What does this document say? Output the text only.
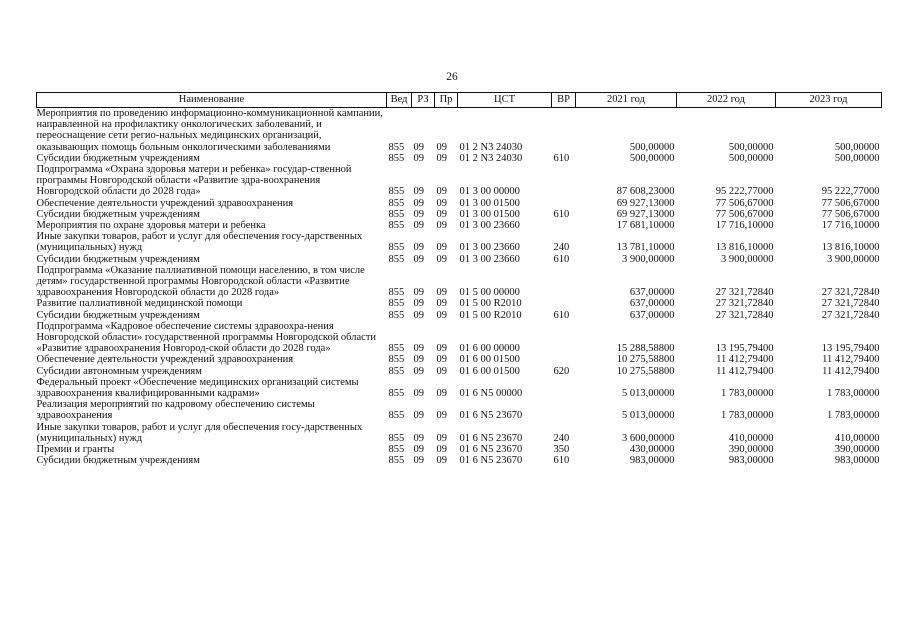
26
Наименование	Вед	РЗ	Пр	ЦСТ	ВР	2021 год	2022 год	2023 год
Мероприятия по проведению информационно-коммуникационной кампании, направленной на профилактику онкологических заболеваний, и переоснащение сети регио-нальных медицинских организаций, оказывающих помощь больным онкологическими заболеваниями	855	09	09	01 2 N3 24030		500,00000	500,00000	500,00000
Субсидии бюджетным учреждениям	855	09	09	01 2 N3 24030	610	500,00000	500,00000	500,00000
Подпрограмма «Охрана здоровья матери и ребенка» государ-ственной программы Новгородской области «Развитие здра-воохранения Новгородской области до 2028 года»	855	09	09	01 3 00 00000		87 608,23000	95 222,77000	95 222,77000
Обеспечение деятельности учреждений здравоохранения	855	09	09	01 3 00 01500		69 927,13000	77 506,67000	77 506,67000
Субсидии бюджетным учреждениям	855	09	09	01 3 00 01500	610	69 927,13000	77 506,67000	77 506,67000
Мероприятия по охране здоровья матери и ребенка	855	09	09	01 3 00 23660		17 681,10000	17 716,10000	17 716,10000
Иные закупки товаров, работ и услуг для обеспечения госу-дарственных (муниципальных) нужд	855	09	09	01 3 00 23660	240	13 781,10000	13 816,10000	13 816,10000
Субсидии бюджетным учреждениям	855	09	09	01 3 00 23660	610	3 900,00000	3 900,00000	3 900,00000
Подпрограмма «Оказание паллиативной помощи населению, в том числе детям» государственной программы Новгородской области «Развитие здравоохранения Новгородской области до 2028 года»	855	09	09	01 5 00 00000		637,00000	27 321,72840	27 321,72840
Развитие паллиативной медицинской помощи	855	09	09	01 5 00 R2010		637,00000	27 321,72840	27 321,72840
Субсидии бюджетным учреждениям	855	09	09	01 5 00 R2010	610	637,00000	27 321,72840	27 321,72840
Подпрограмма «Кадровое обеспечение системы здравоохра-нения Новгородской области» государственной программы Новгородской области «Развитие здравоохранения Новгород-ской области до 2028 года»	855	09	09	01 6 00 00000		15 288,58800	13 195,79400	13 195,79400
Обеспечение деятельности учреждений здравоохранения	855	09	09	01 6 00 01500		10 275,58800	11 412,79400	11 412,79400
Субсидии автономным учреждениям	855	09	09	01 6 00 01500	620	10 275,58800	11 412,79400	11 412,79400
Федеральный проект «Обеспечение медицинских организаций системы здравоохранения квалифицированными кадрами»	855	09	09	01 6 N5 00000		5 013,00000	1 783,00000	1 783,00000
Реализация мероприятий по кадровому обеспечению системы здравоохранения	855	09	09	01 6 N5 23670		5 013,00000	1 783,00000	1 783,00000
Иные закупки товаров, работ и услуг для обеспечения госу-дарственных (муниципальных) нужд	855	09	09	01 6 N5 23670	240	3 600,00000	410,00000	410,00000
Премии и гранты	855	09	09	01 6 N5 23670	350	430,00000	390,00000	390,00000
Субсидии бюджетным учреждениям	855	09	09	01 6 N5 23670	610	983,00000	983,00000	983,00000
